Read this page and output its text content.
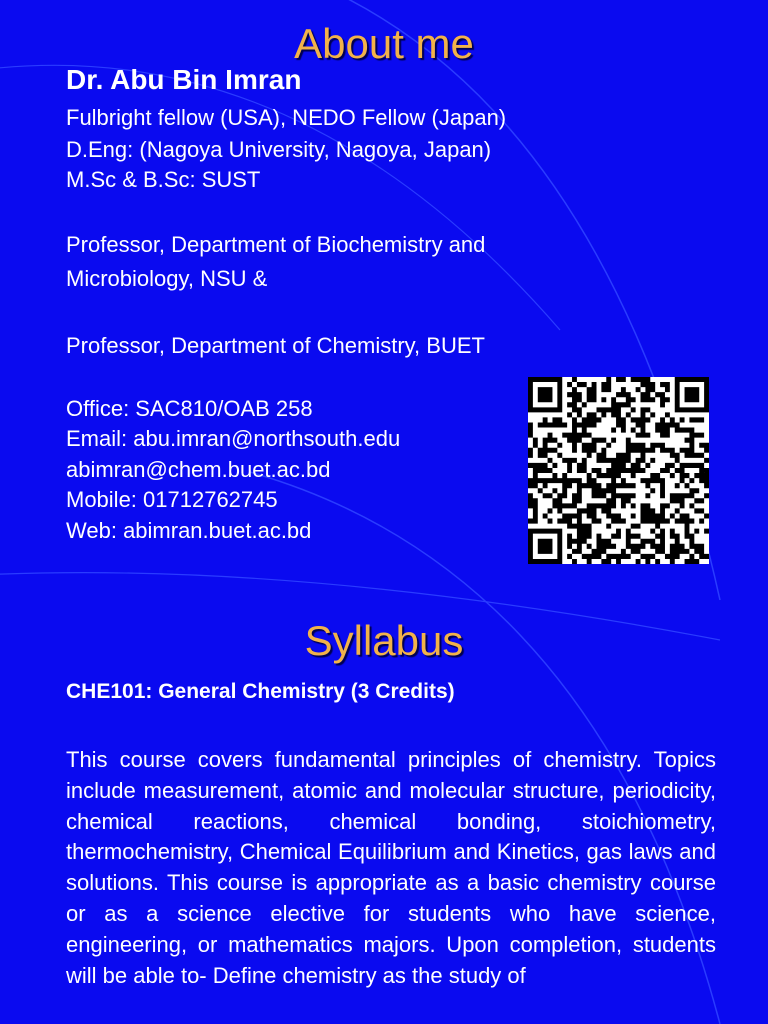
About me
Dr. Abu Bin Imran
Fulbright fellow (USA), NEDO Fellow (Japan)
D.Eng: (Nagoya University, Nagoya, Japan)
M.Sc & B.Sc: SUST
Professor, Department of Biochemistry and
Microbiology, NSU &
Professor, Department of Chemistry, BUET
Office: SAC810/OAB 258
Email: abu.imran@northsouth.edu
abimran@chem.buet.ac.bd
Mobile: 01712762745
Web: abimran.buet.ac.bd
Syllabus
CHE101: General Chemistry (3 Credits)

This course covers fundamental principles of chemistry. Topics include measurement, atomic and molecular structure, periodicity, chemical reactions, chemical bonding, stoichiometry, thermochemistry, Chemical Equilibrium and Kinetics, gas laws and solutions. This course is appropriate as a basic chemistry course or as a science elective for students who have science, engineering, or mathematics majors. Upon completion, students will be able to- Define chemistry as the study of
